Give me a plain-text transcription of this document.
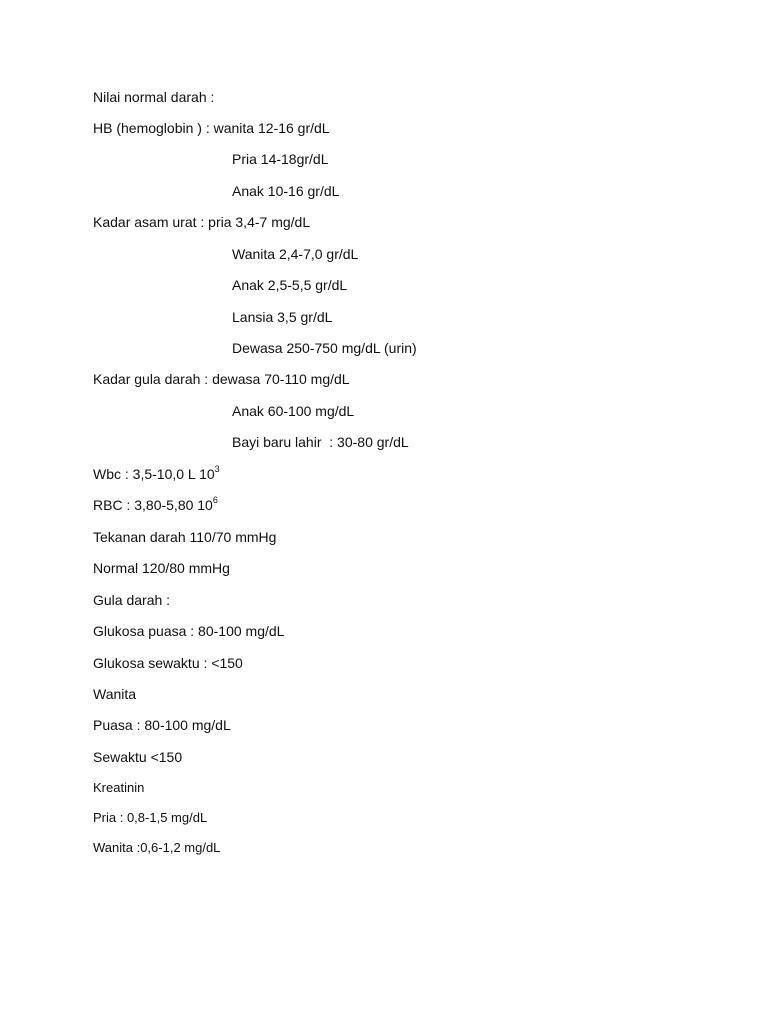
Nilai normal darah :
HB (hemoglobin ) : wanita 12-16 gr/dL
Pria 14-18gr/dL
Anak 10-16 gr/dL
Kadar asam urat : pria 3,4-7 mg/dL
Wanita 2,4-7,0 gr/dL
Anak 2,5-5,5 gr/dL
Lansia 3,5 gr/dL
Dewasa 250-750 mg/dL (urin)
Kadar gula darah : dewasa 70-110 mg/dL
Anak 60-100 mg/dL
Bayi baru lahir  : 30-80 gr/dL
Wbc : 3,5-10,0 L $10^3$
RBC : 3,80-5,80 $10^6$
Tekanan darah 110/70 mmHg
Normal 120/80 mmHg
Gula darah :
Glukosa puasa : 80-100 mg/dL
Glukosa sewaktu : <150
Wanita
Puasa : 80-100 mg/dL
Sewaktu <150
Kreatinin
Pria : 0,8-1,5 mg/dL
Wanita :0,6-1,2 mg/dL
